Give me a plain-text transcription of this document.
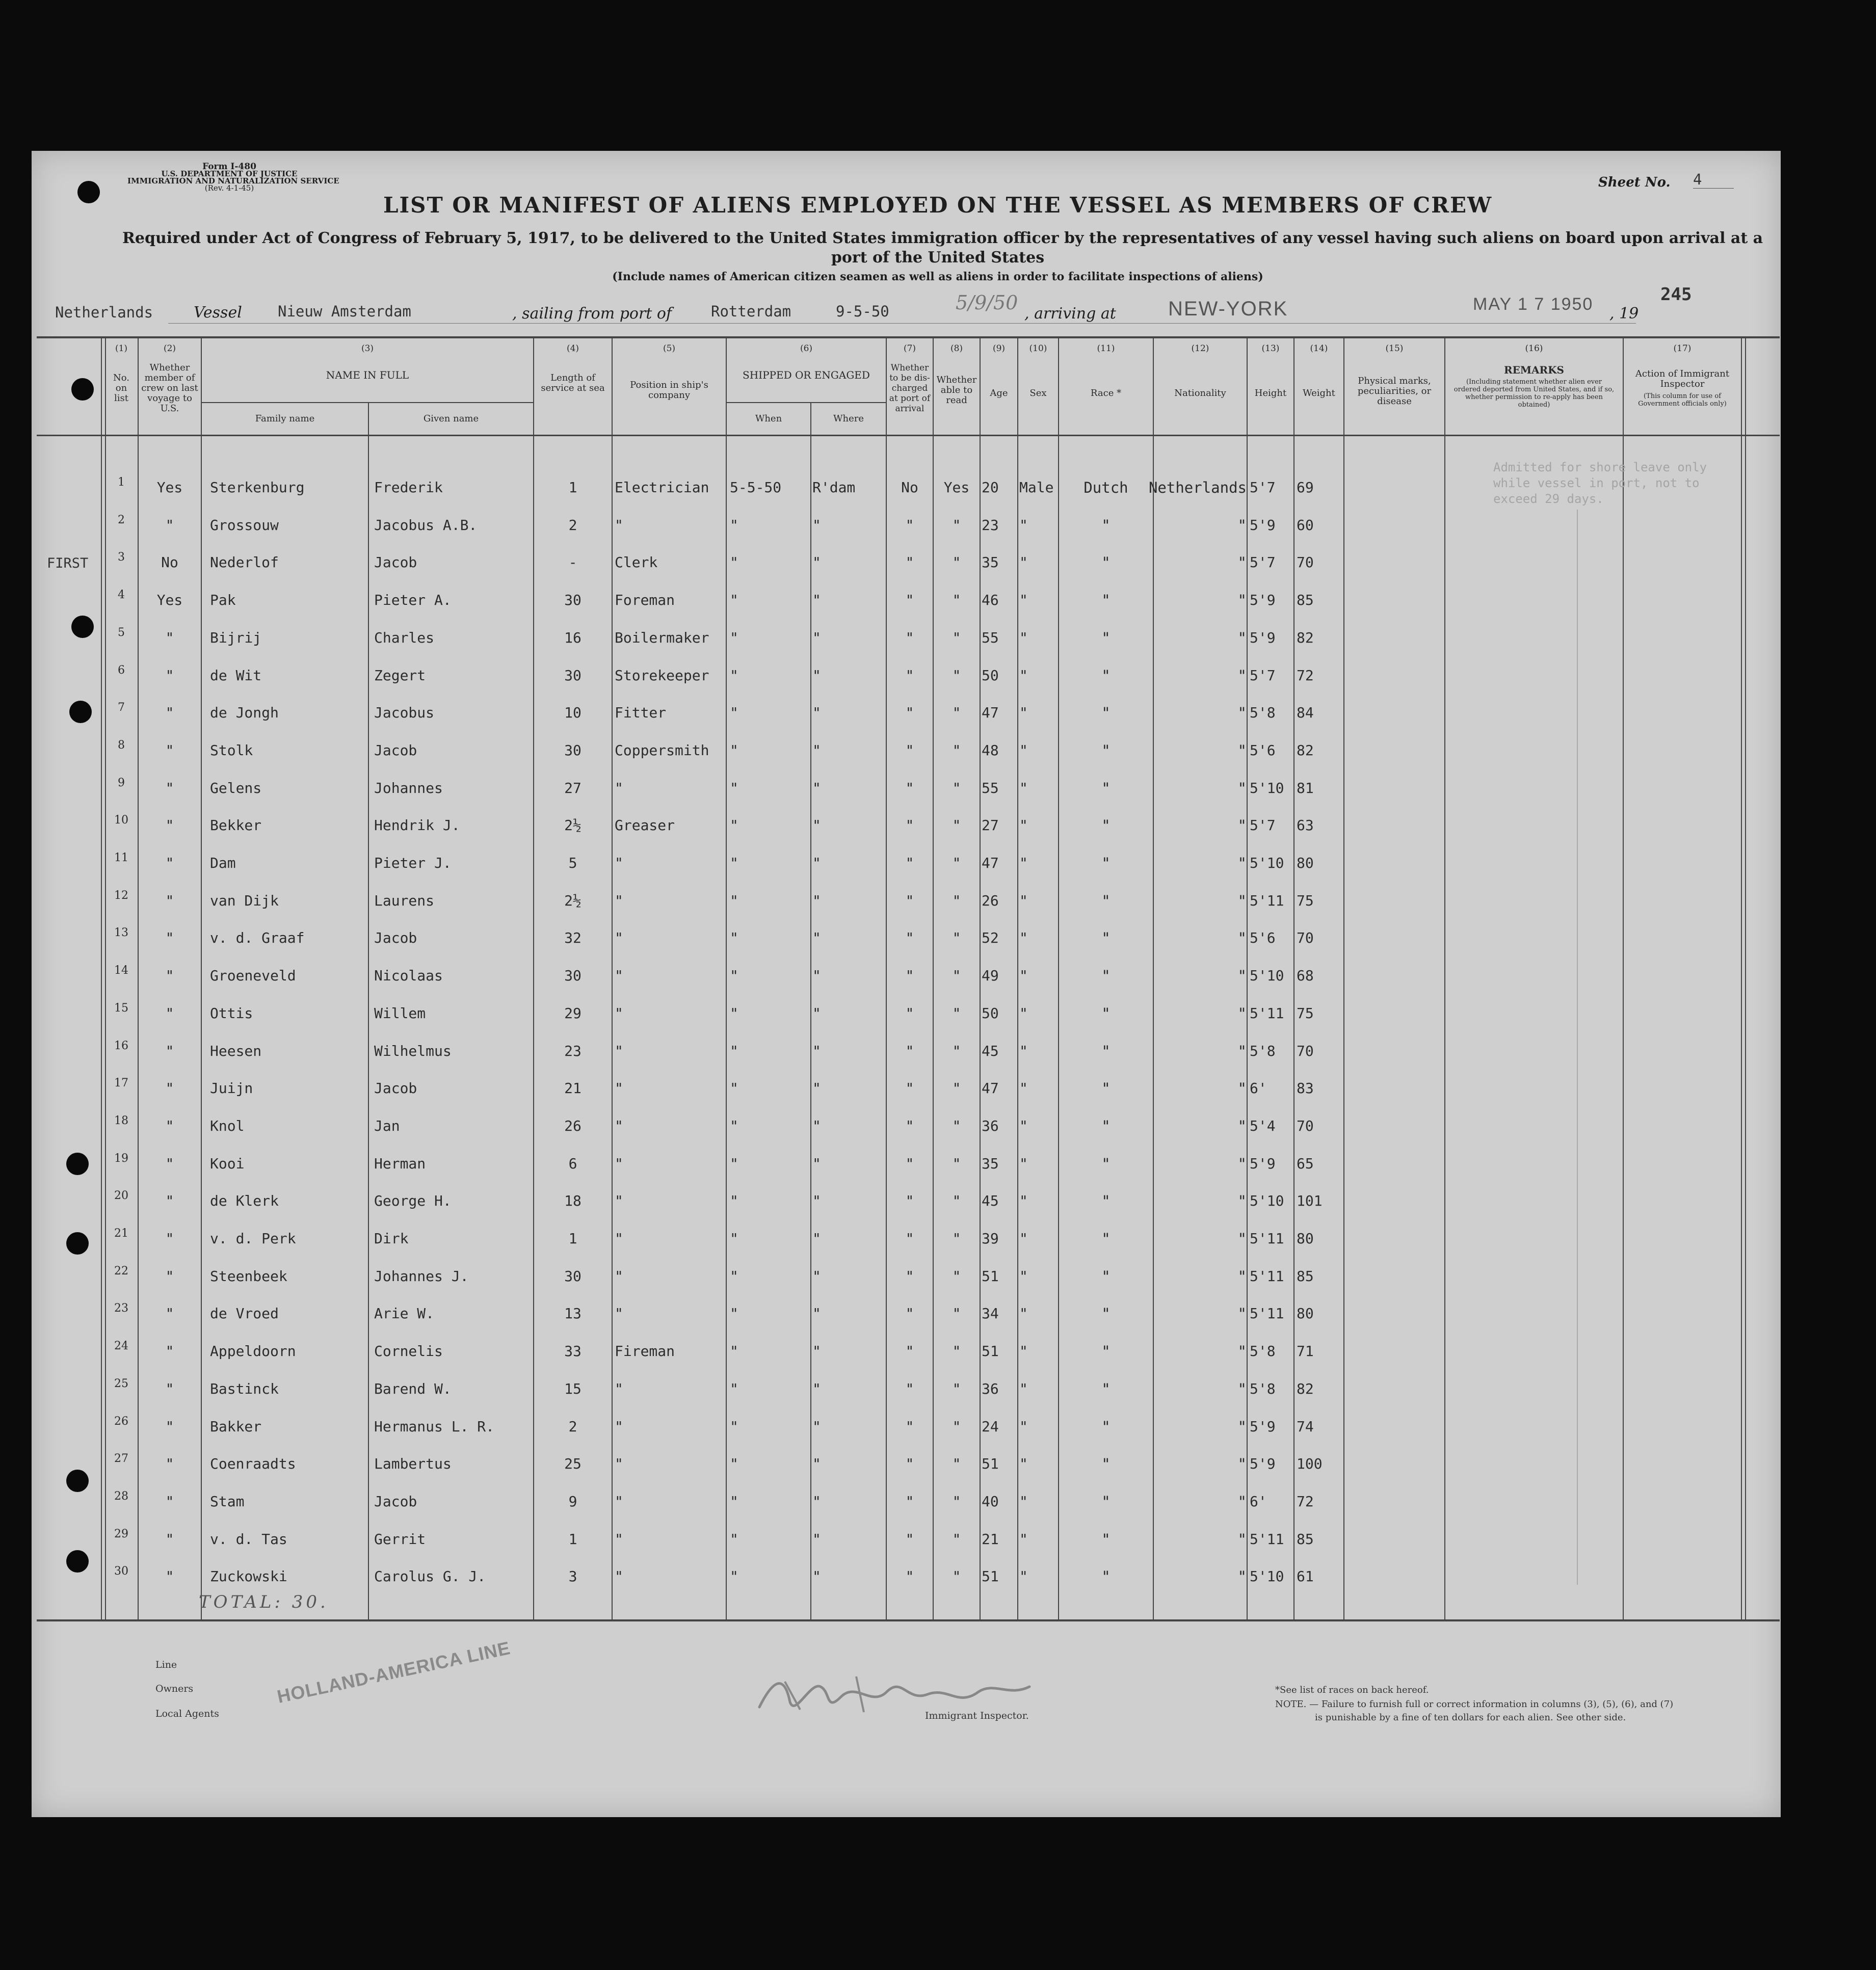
Form I-480
U.S. DEPARTMENT OF JUSTICE
IMMIGRATION AND NATURALIZATION SERVICE
(Rev. 4-1-45)	Sheet No. 4
LIST OR MANIFEST OF ALIENS EMPLOYED ON THE VESSEL AS MEMBERS OF CREW
Required under Act of Congress of February 5, 1917, to be delivered to the United States immigration officer by the representatives of any vessel having such aliens on board upon arrival at a
port of the United States
(Include names of American citizen seamen as well as aliens in order to facilitate inspections of aliens)
Netherlands	Vessel Nieuw Amsterdam	, sailing from port of	Rotterdam	9-5-50	5/9/50 , arriving at	NEW-YORK	MAY 1 7 1950 , 19
245
(1)	(2)	(3)	(4)	(5)	(6)	(7)	(8)	(9)	(10)	(11)	(12)	(13)	(14)	(15)	(16)	(17)
No. on list
Whether member of crew on last voyage to U.S.
NAME IN FULL
Family name	Given name
Length of service at sea	Position in ship's company
SHIPPED OR ENGAGED
When	Where
Whether to be dis-charged at port of arrival
Whether able to read
Age	Sex	Race *	Nationality	Height	Weight
Physical marks, peculiarities, or disease
REMARKS
(Including statement whether alien ever ordered deported from United States, and if so, whether permission to re-apply has been obtained)
Action of Immigrant Inspector
(This column for use of Government officials only)
FIRST
Admitted for shore leave only while vessel in port, not to exceed 29 days.
1	Yes	Sterkenburg	Frederik	1	Electrician	5-5-50	R'dam	No	Yes 20	Male	Dutch	Netherlands 5'7	69
2	"	Grossouw	Jacobus A.B.	2	"	"	"	"	"	23	"	"	" 5'9	60
3	No	Nederlof	Jacob	-	Clerk	"	"	"	"	35	"	"	" 5'7	70
4	Yes	Pak	Pieter A.	30	Foreman	"	"	"	"	46	"	"	" 5'9	85
5	"	Bijrij	Charles	16	Boilermaker	"	"	"	"	55	"	"	" 5'9	82
6	"	de Wit	Zegert	30	Storekeeper	"	"	"	"	50	"	"	" 5'7	72
7	"	de Jongh	Jacobus	10	Fitter	"	"	"	"	47	"	"	" 5'8	84
8	"	Stolk	Jacob	30	Coppersmith	"	"	"	"	48	"	"	" 5'6	82
9	"	Gelens	Johannes	27	"	"	"	"	"	55	"	"	" 5'10 81
10	"	Bekker	Hendrik J.	2½	Greaser	"	"	"	"	27	"	"	" 5'7	63
11	"	Dam	Pieter J.	5	"	"	"	"	"	47	"	"	" 5'10 80
12	"	van Dijk	Laurens	2½	"	"	"	"	"	26	"	"	" 5'11 75
13	"	v. d. Graaf	Jacob	32	"	"	"	"	"	52	"	"	" 5'6	70
14	"	Groeneveld	Nicolaas	30	"	"	"	"	"	49	"	"	" 5'10 68
15	"	Ottis	Willem	29	"	"	"	"	"	50	"	"	" 5'11 75
16	"	Heesen	Wilhelmus	23	"	"	"	"	"	45	"	"	" 5'8	70
17	"	Juijn	Jacob	21	"	"	"	"	"	47	"	"	" 6'	83
18	"	Knol	Jan	26	"	"	"	"	"	36	"	"	" 5'4	70
19	"	Kooi	Herman	6	"	"	"	"	"	35	"	"	" 5'9	65
20	"	de Klerk	George H.	18	"	"	"	"	"	45	"	"	" 5'10 101
21	"	v. d. Perk	Dirk	1	"	"	"	"	"	39	"	"	" 5'11 80
22	"	Steenbeek	Johannes J.	30	"	"	"	"	"	51	"	"	" 5'11 85
23	"	de Vroed	Arie W.	13	"	"	"	"	"	34	"	"	" 5'11 80
24	"	Appeldoorn	Cornelis	33	Fireman	"	"	"	"	51	"	"	" 5'8	71
25	"	Bastinck	Barend W.	15	"	"	"	"	"	36	"	"	" 5'8	82
26	"	Bakker	Hermanus L. R.	2	"	"	"	"	"	24	"	"	" 5'9	74
27	"	Coenraadts	Lambertus	25	"	"	"	"	"	51	"	"	" 5'9	100
28	"	Stam	Jacob	9	"	"	"	"	"	40	"	"	" 6'	72
29	"	v. d. Tas	Gerrit	1	"	"	"	"	"	21	"	"	" 5'11 85
30	"	Zuckowski	Carolus G. J.	3	"	"	"	"	"	51	"	"	" 5'10 61
TOTAL: 30.
Line
Owners
Local Agents
HOLLAND-AMERICA LINE
Immigrant Inspector.
*See list of races on back hereof.
NOTE. — Failure to furnish full or correct information in columns (3), (5), (6), and (7)
is punishable by a fine of ten dollars for each alien. See other side.
